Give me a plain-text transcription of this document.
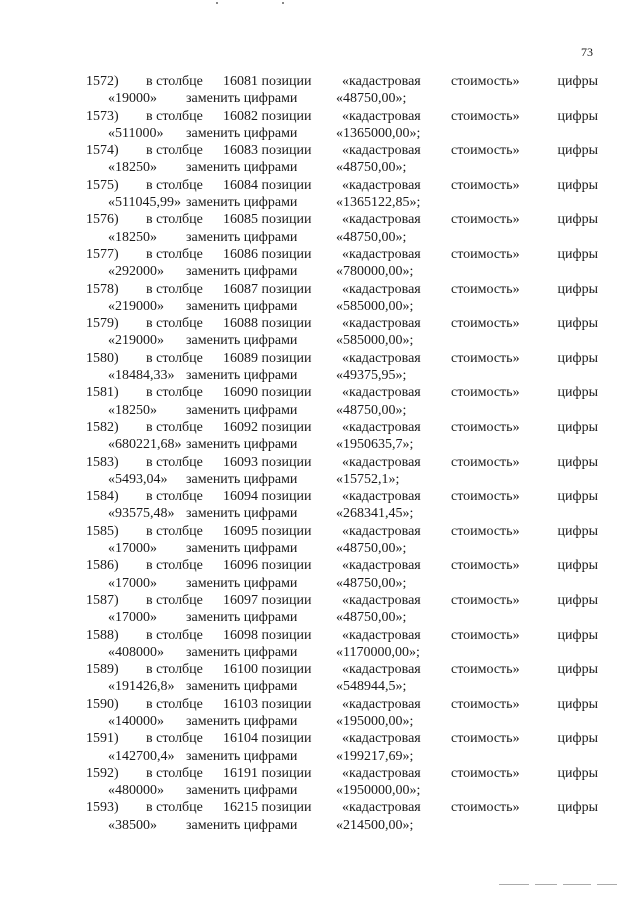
73
1572) в столбце 16081 позиции «кадастровая стоимость»	цифры
«19000» заменить цифрами	«48750,00»;
1573) в столбце 16082 позиции «кадастровая стоимость»	цифры
«511000» заменить цифрами	«1365000,00»;
1574) в столбце 16083 позиции «кадастровая стоимость»	цифры
«18250» заменить цифрами	«48750,00»;
1575) в столбце 16084 позиции «кадастровая стоимость»	цифры
«511045,99» заменить цифрами	«1365122,85»;
1576) в столбце 16085 позиции «кадастровая стоимость»	цифры
«18250» заменить цифрами	«48750,00»;
1577) в столбце 16086 позиции «кадастровая стоимость»	цифры
«292000» заменить цифрами	«780000,00»;
1578) в столбце 16087 позиции «кадастровая стоимость»	цифры
«219000» заменить цифрами	«585000,00»;
1579) в столбце 16088 позиции «кадастровая стоимость»	цифры
«219000» заменить цифрами	«585000,00»;
1580) в столбце 16089 позиции «кадастровая стоимость»	цифры
«18484,33» заменить цифрами	«49375,95»;
1581) в столбце 16090 позиции «кадастровая стоимость»	цифры
«18250» заменить цифрами	«48750,00»;
1582) в столбце 16092 позиции «кадастровая стоимость»	цифры
«680221,68» заменить цифрами	«1950635,7»;
1583) в столбце 16093 позиции «кадастровая стоимость»	цифры
«5493,04» заменить цифрами	«15752,1»;
1584) в столбце 16094 позиции «кадастровая стоимость»	цифры
«93575,48» заменить цифрами	«268341,45»;
1585) в столбце 16095 позиции «кадастровая стоимость»	цифры
«17000» заменить цифрами	«48750,00»;
1586) в столбце 16096 позиции «кадастровая стоимость»	цифры
«17000» заменить цифрами	«48750,00»;
1587) в столбце 16097 позиции «кадастровая стоимость»	цифры
«17000» заменить цифрами	«48750,00»;
1588) в столбце 16098 позиции «кадастровая стоимость»	цифры
«408000» заменить цифрами	«1170000,00»;
1589) в столбце 16100 позиции «кадастровая стоимость»	цифры
«191426,8» заменить цифрами	«548944,5»;
1590) в столбце 16103 позиции «кадастровая стоимость»	цифры
«140000» заменить цифрами	«195000,00»;
1591) в столбце 16104 позиции «кадастровая стоимость»	цифры
«142700,4» заменить цифрами	«199217,69»;
1592) в столбце 16191 позиции «кадастровая стоимость»	цифры
«480000» заменить цифрами	«1950000,00»;
1593) в столбце 16215 позиции «кадастровая стоимость»	цифры
«38500» заменить цифрами	«214500,00»;
